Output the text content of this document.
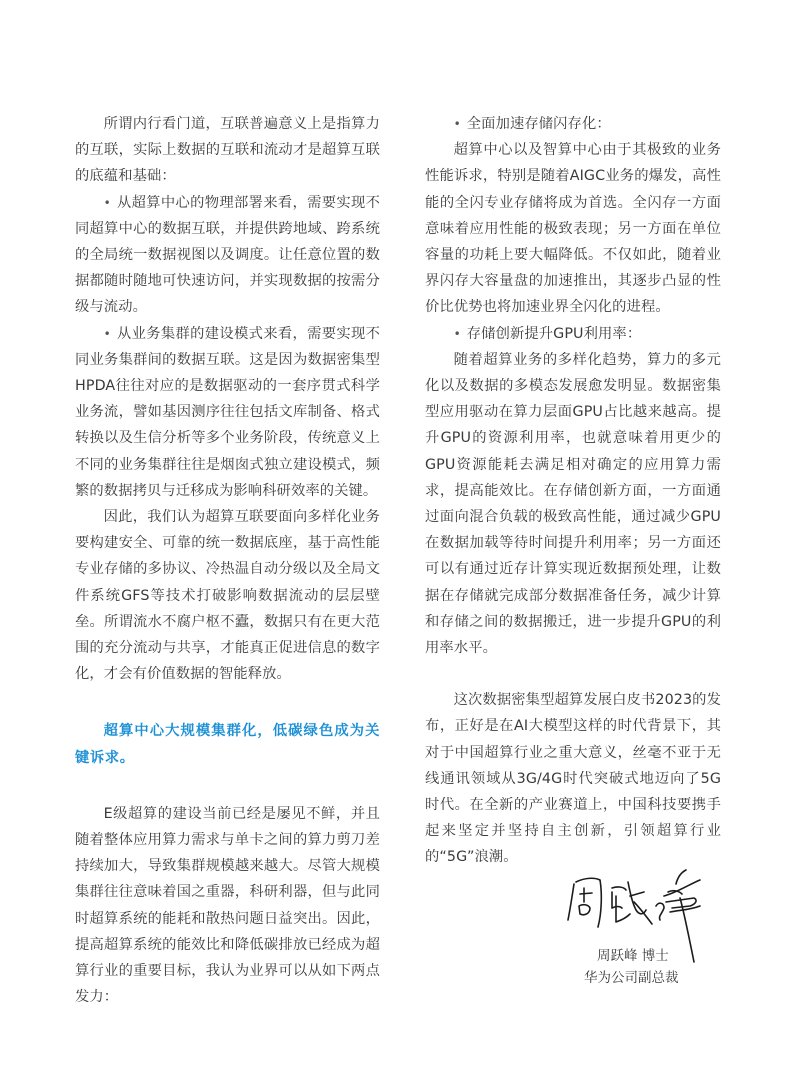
所谓内行看门道，互联普遍意义上是指算力的互联，实际上数据的互联和流动才是超算互联的底蕴和基础：

• 从超算中心的物理部署来看，需要实现不同超算中心的数据互联，并提供跨地域、跨系统的全局统一数据视图以及调度。让任意位置的数据都随时随地可快速访问，并实现数据的按需分级与流动。

• 从业务集群的建设模式来看，需要实现不同业务集群间的数据互联。这是因为数据密集型HPDA往往对应的是数据驱动的一套序贯式科学业务流，譬如基因测序往往包括文库制备、格式转换以及生信分析等多个业务阶段，传统意义上不同的业务集群往往是烟囱式独立建设模式，频繁的数据拷贝与迁移成为影响科研效率的关键。

因此，我们认为超算互联要面向多样化业务要构建安全、可靠的统一数据底座，基于高性能专业存储的多协议、冷热温自动分级以及全局文件系统GFS等技术打破影响数据流动的层层壁垒。所谓流水不腐户枢不蠹，数据只有在更大范围的充分流动与共享，才能真正促进信息的数字化，才会有价值数据的智能释放。

超算中心大规模集群化，低碳绿色成为关键诉求。

E级超算的建设当前已经是屡见不鲜，并且随着整体应用算力需求与单卡之间的算力剪刀差持续加大，导致集群规模越来越大。尽管大规模集群往往意味着国之重器，科研利器，但与此同时超算系统的能耗和散热问题日益突出。因此，提高超算系统的能效比和降低碳排放已经成为超算行业的重要目标，我认为业界可以从如下两点发力：

• 全面加速存储闪存化：

超算中心以及智算中心由于其极致的业务性能诉求，特别是随着AIGC业务的爆发，高性能的全闪专业存储将成为首选。全闪存一方面意味着应用性能的极致表现；另一方面在单位容量的功耗上要大幅降低。不仅如此，随着业界闪存大容量盘的加速推出，其逐步凸显的性价比优势也将加速业界全闪化的进程。

• 存储创新提升GPU利用率：

随着超算业务的多样化趋势，算力的多元化以及数据的多模态发展愈发明显。数据密集型应用驱动在算力层面GPU占比越来越高。提升GPU的资源利用率，也就意味着用更少的GPU资源能耗去满足相对确定的应用算力需求，提高能效比。在存储创新方面，一方面通过面向混合负载的极致高性能，通过减少GPU在数据加载等待时间提升利用率；另一方面还可以有通过近存计算实现近数据预处理，让数据在存储就完成部分数据准备任务，减少计算和存储之间的数据搬迁，进一步提升GPU的利用率水平。

这次数据密集型超算发展白皮书2023的发布，正好是在AI大模型这样的时代背景下，其对于中国超算行业之重大意义，丝毫不亚于无线通讯领域从3G/4G时代突破式地迈向了5G时代。在全新的产业赛道上，中国科技要携手起来坚定并坚持自主创新，引领超算行业的“5G”浪潮。

周跃峰 博士
华为公司副总裁
